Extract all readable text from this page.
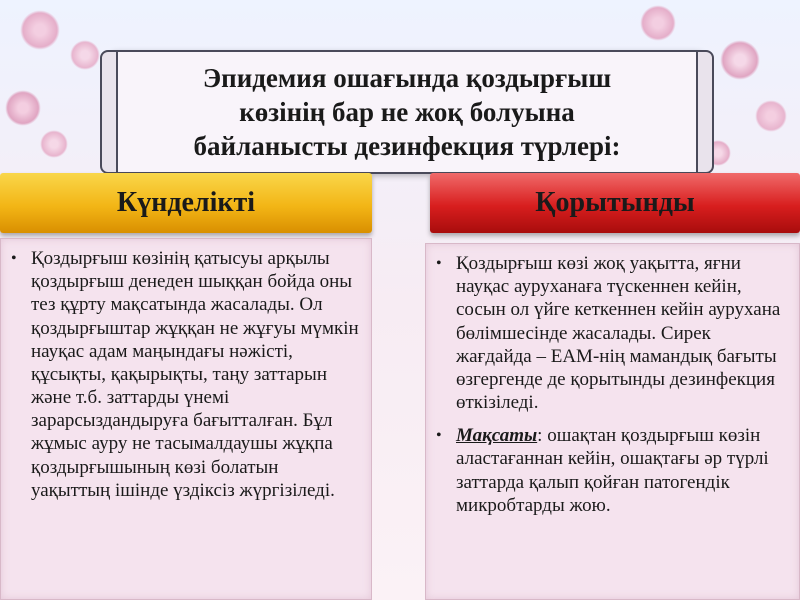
Эпидемия ошағында қоздырғыш
көзінің бар не жоқ болуына
байланысты дезинфекция түрлері:
Күнделікті	Қорытынды
• Қоздырғыш көзінің қатысуы арқылы қоздырғыш денеден шыққан бойда оны тез құрту мақсатында жасалады. Ол қоздырғыштар жұққан не жұғуы мүмкін науқас адам маңындағы нәжісті, құсықты, қақырықты, таңу заттарын және т.б. заттарды үнемі зарарсыздандыруға бағытталған. Бұл жұмыс ауру не тасымалдаушы жұқпа қоздырғышының көзі болатын уақыттың ішінде үздіксіз жүргізіледі.
• Қоздырғыш көзі жоқ уақытта, яғни науқас ауруханаға түскеннен кейін, сосын ол үйге кеткеннен кейін аурухана бөлімшесінде жасалады. Сирек жағдайда – ЕАМ-нің мамандық бағыты өзгергенде де қорытынды дезинфекция өткізіледі.
• Мақсаты: ошақтан қоздырғыш көзін аластағаннан кейін, ошақтағы әр түрлі заттарда қалып қойған патогендік микробтарды жою.
